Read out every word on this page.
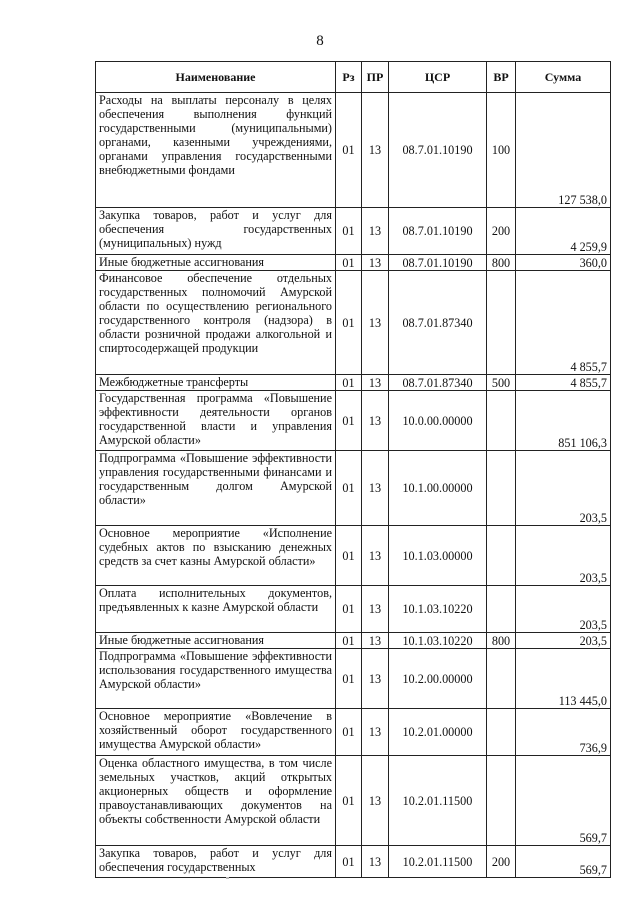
8
Наименование	Рз	ПР	ЦСР	ВР	Сумма
Расходы на выплаты персоналу в целях обеспечения выполнения функций государственными (муниципальными) органами, казенными учреждениями, органами управления государственными внебюджетными фондами	01	13	08.7.01.10190	100	127 538,0
Закупка товаров, работ и услуг для обеспечения государственных (муниципальных) нужд	01	13	08.7.01.10190	200	4 259,9
Иные бюджетные ассигнования	01	13	08.7.01.10190	800	360,0
Финансовое обеспечение отдельных государственных полномочий Амурской области по осуществлению регионального государственного контроля (надзора) в области розничной продажи алкогольной и спиртосодержащей продукции	01	13	08.7.01.87340		4 855,7
Межбюджетные трансферты	01	13	08.7.01.87340	500	4 855,7
Государственная программа «Повышение эффективности деятельности органов государственной власти и управления Амурской области»	01	13	10.0.00.00000		851 106,3
Подпрограмма «Повышение эффективности управления государственными финансами и государственным долгом Амурской области»	01	13	10.1.00.00000		203,5
Основное мероприятие «Исполнение судебных актов по взысканию денежных средств за счет казны Амурской области»	01	13	10.1.03.00000		203,5
Оплата исполнительных документов, предъявленных к казне Амурской области	01	13	10.1.03.10220		203,5
Иные бюджетные ассигнования	01	13	10.1.03.10220	800	203,5
Подпрограмма «Повышение эффективности использования государственного имущества Амурской области»	01	13	10.2.00.00000		113 445,0
Основное мероприятие «Вовлечение в хозяйственный оборот государственного имущества Амурской области»	01	13	10.2.01.00000		736,9
Оценка областного имущества, в том числе земельных участков, акций открытых акционерных обществ и оформление правоустанавливающих документов на объекты собственности Амурской области	01	13	10.2.01.11500		569,7
Закупка товаров, работ и услуг для обеспечения государственных	01	13	10.2.01.11500	200	569,7
